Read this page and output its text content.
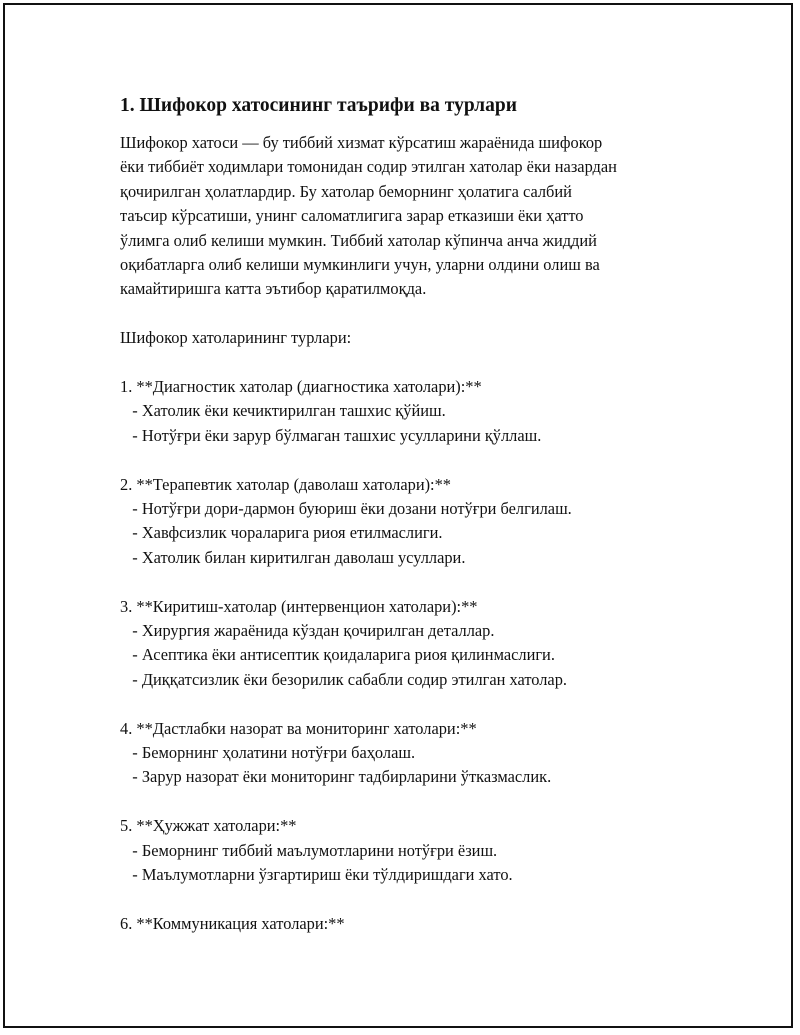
1. Шифокор хатосининг таърифи ва турлари
Шифокор хатоси — бу тиббий хизмат кўрсатиш жараёнида шифокор
ёки тиббиёт ходимлари томонидан содир этилган хатолар ёки назардан
қочирилган ҳолатлардир. Бу хатолар беморнинг ҳолатига салбий
таъсир кўрсатиши, унинг саломатлигига зарар етказиши ёки ҳатто
ўлимга олиб келиши мумкин. Тиббий хатолар кўпинча анча жиддий
оқибатларга олиб келиши мумкинлиги учун, уларни олдини олиш ва
камайтиришга катта эътибор қаратилмоқда.
Шифокор хатоларининг турлари:
1. **Диагностик хатолар (диагностика хатолари):**
- Хатолик ёки кечиктирилган ташхис қўйиш.
- Нотўғри ёки зарур бўлмаган ташхис усулларини қўллаш.
2. **Терапевтик хатолар (даволаш хатолари):**
- Нотўғри дори-дармон буюриш ёки дозани нотўғри белгилаш.
- Хавфсизлик чораларига риоя етилмаслиги.
- Хатолик билан киритилган даволаш усуллари.
3. **Киритиш-хатолар (интервенцион хатолари):**
- Хирургия жараёнида кўздан қочирилган деталлар.
- Асептика ёки антисептик қоидаларига риоя қилинмаслиги.
- Диққатсизлик ёки безорилик сабабли содир этилган хатолар.
4. **Дастлабки назорат ва мониторинг хатолари:**
- Беморнинг ҳолатини нотўғри баҳолаш.
- Зарур назорат ёки мониторинг тадбирларини ўтказмаслик.
5. **Ҳужжат хатолари:**
- Беморнинг тиббий маълумотларини нотўғри ёзиш.
- Маълумотларни ўзгартириш ёки тўлдиришдаги хато.
6. **Коммуникация хатолари:**
